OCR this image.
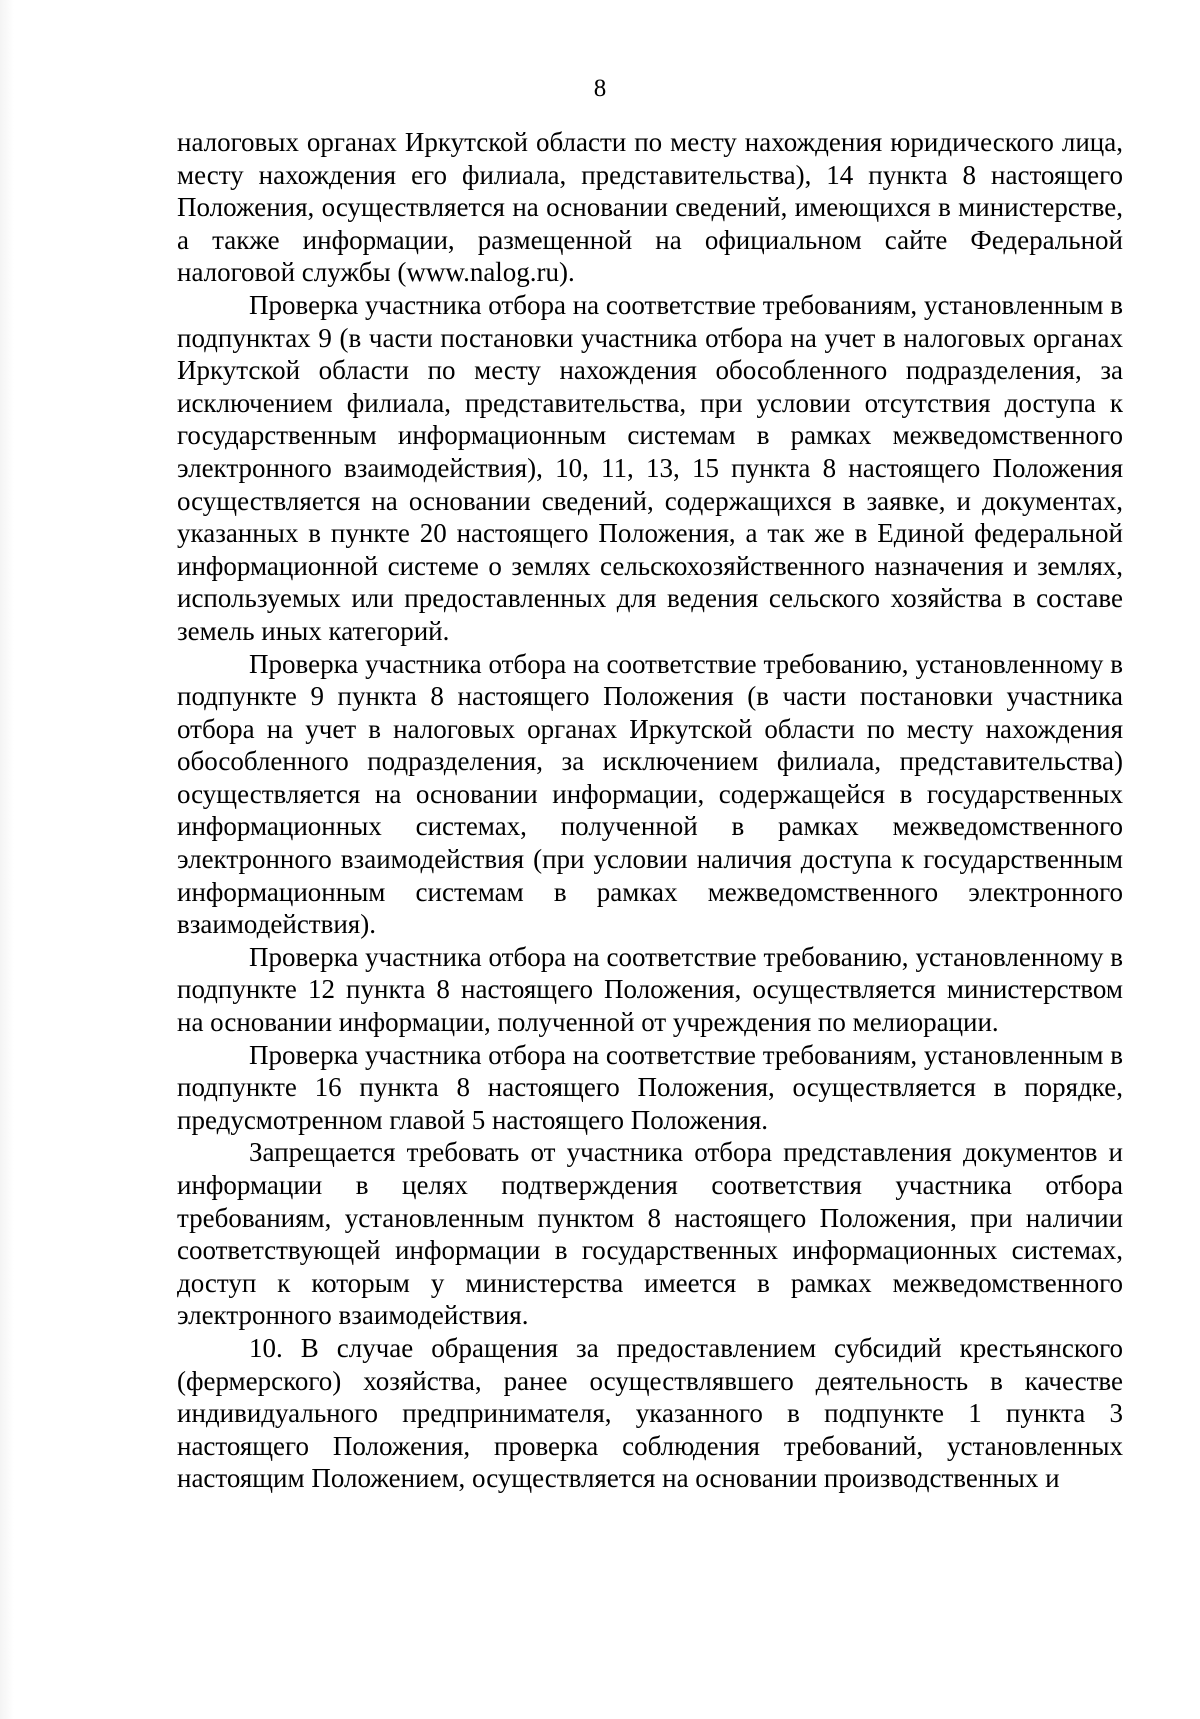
8

налоговых органах Иркутской области по месту нахождения юридического лица, месту нахождения его филиала, представительства), 14 пункта 8 настоящего Положения, осуществляется на основании сведений, имеющихся в министерстве, а также информации, размещенной на официальном сайте Федеральной налоговой службы (www.nalog.ru).

Проверка участника отбора на соответствие требованиям, установленным в подпунктах 9 (в части постановки участника отбора на учет в налоговых органах Иркутской области по месту нахождения обособленного подразделения, за исключением филиала, представительства, при условии отсутствия доступа к государственным информационным системам в рамках межведомственного электронного взаимодействия), 10, 11, 13, 15 пункта 8 настоящего Положения осуществляется на основании сведений, содержащихся в заявке, и документах, указанных в пункте 20 настоящего Положения, а так же в Единой федеральной информационной системе о землях сельскохозяйственного назначения и землях, используемых или предоставленных для ведения сельского хозяйства в составе земель иных категорий.

Проверка участника отбора на соответствие требованию, установленному в подпункте 9 пункта 8 настоящего Положения (в части постановки участника отбора на учет в налоговых органах Иркутской области по месту нахождения обособленного подразделения, за исключением филиала, представительства) осуществляется на основании информации, содержащейся в государственных информационных системах, полученной в рамках межведомственного электронного взаимодействия (при условии наличия доступа к государственным информационным системам в рамках межведомственного электронного взаимодействия).

Проверка участника отбора на соответствие требованию, установленному в подпункте 12 пункта 8 настоящего Положения, осуществляется министерством на основании информации, полученной от учреждения по мелиорации.

Проверка участника отбора на соответствие требованиям, установленным в подпункте 16 пункта 8 настоящего Положения, осуществляется в порядке, предусмотренном главой 5 настоящего Положения.

Запрещается требовать от участника отбора представления документов и информации в целях подтверждения соответствия участника отбора требованиям, установленным пунктом 8 настоящего Положения, при наличии соответствующей информации в государственных информационных системах, доступ к которым у министерства имеется в рамках межведомственного электронного взаимодействия.

10. В случае обращения за предоставлением субсидий крестьянского (фермерского) хозяйства, ранее осуществлявшего деятельность в качестве индивидуального предпринимателя, указанного в подпункте 1 пункта 3 настоящего Положения, проверка соблюдения требований, установленных настоящим Положением, осуществляется на основании производственных и
